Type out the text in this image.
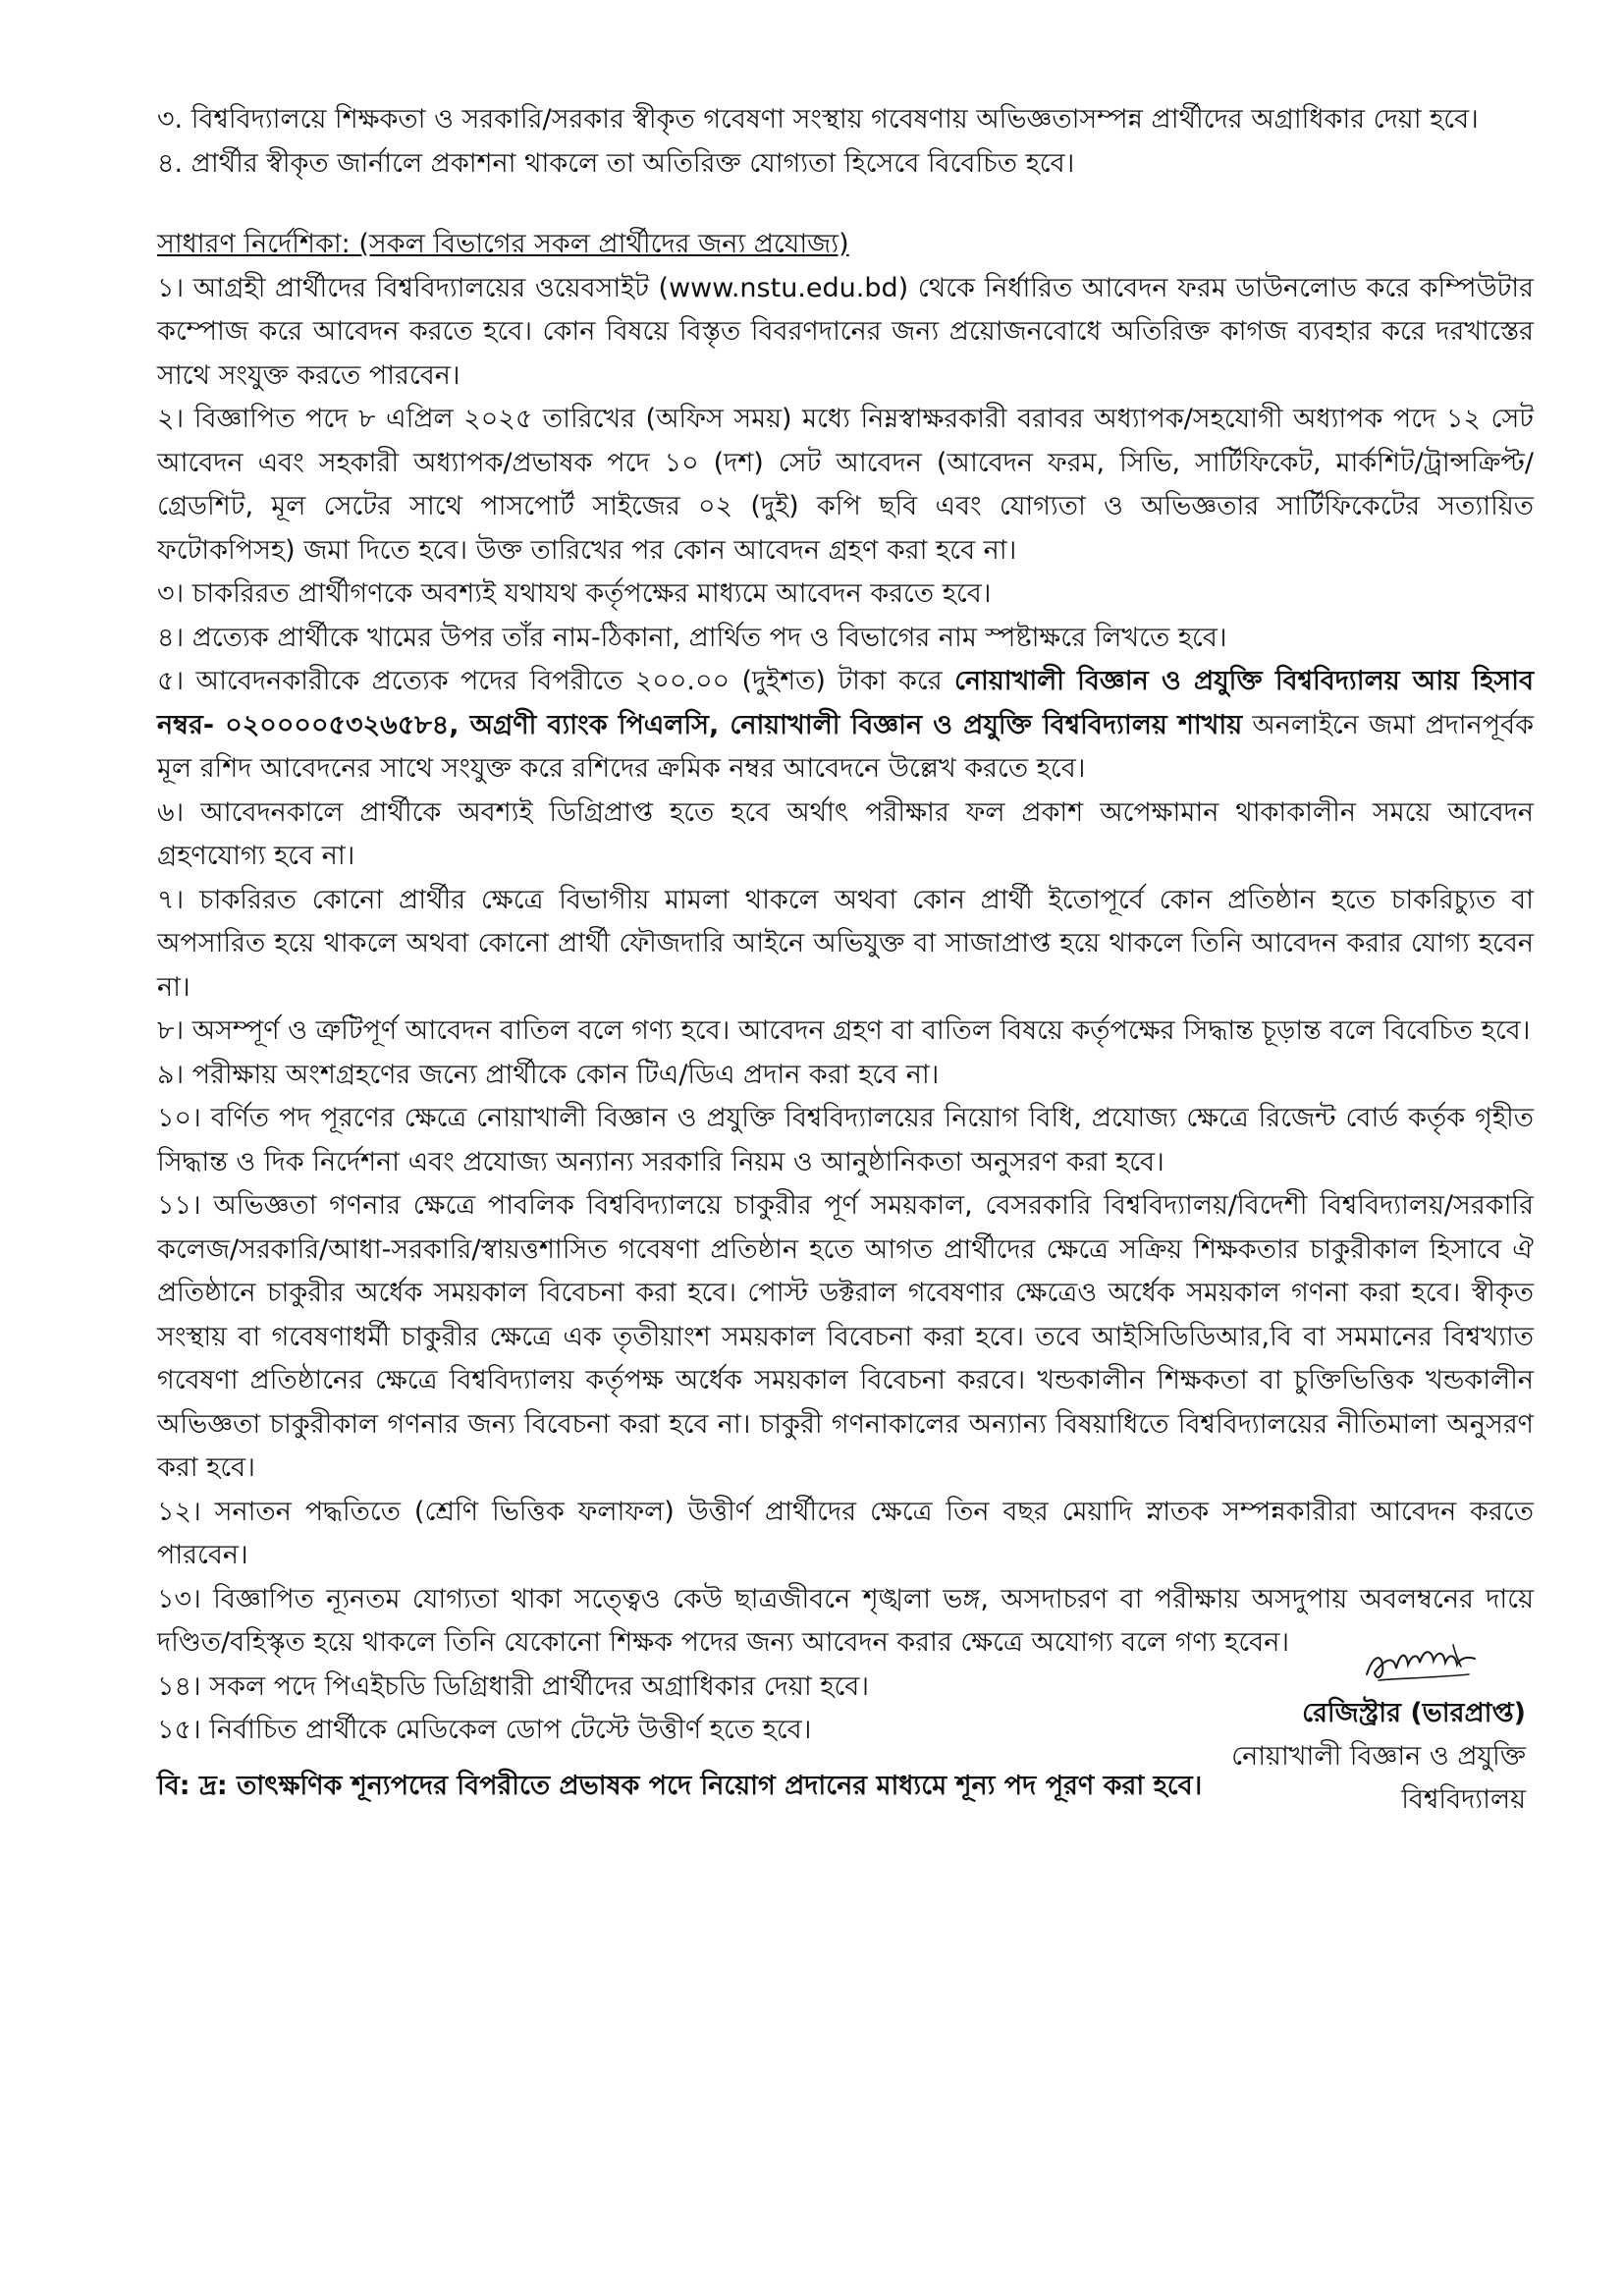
৩. বিশ্ববিদ্যালয়ে শিক্ষকতা ও সরকারি/সরকার স্বীকৃত গবেষণা সংস্থায় গবেষণায় অভিজ্ঞতাসম্পন্ন প্রার্থীদের অগ্রাধিকার দেয়া হবে।

৪. প্রার্থীর স্বীকৃত জার্নালে প্রকাশনা থাকলে তা অতিরিক্ত যোগ্যতা হিসেবে বিবেচিত হবে।

সাধারণ নির্দেশিকা: (সকল বিভাগের সকল প্রার্থীদের জন্য প্রযোজ্য)

১। আগ্রহী প্রার্থীদের বিশ্ববিদ্যালয়ের ওয়েবসাইট (www.nstu.edu.bd) থেকে নির্ধারিত আবেদন ফরম ডাউনলোড করে কম্পিউটার কম্পোজ করে আবেদন করতে হবে। কোন বিষয়ে বিস্তৃত বিবরণদানের জন্য প্রয়োজনবোধে অতিরিক্ত কাগজ ব্যবহার করে দরখাস্তের সাথে সংযুক্ত করতে পারবেন।

২। বিজ্ঞাপিত পদে ৮ এপ্রিল ২০২৫ তারিখের (অফিস সময়) মধ্যে নিম্নস্বাক্ষরকারী বরাবর অধ্যাপক/সহযোগী অধ্যাপক পদে ১২ সেট আবেদন এবং সহকারী অধ্যাপক/প্রভাষক পদে ১০ (দশ) সেট আবেদন (আবেদন ফরম, সিভি, সার্টিফিকেট, মার্কশিট/ট্রান্সক্রিপ্ট/গ্রেডশিট, মূল সেটের সাথে পাসপোর্ট সাইজের ০২ (দুই) কপি ছবি এবং যোগ্যতা ও অভিজ্ঞতার সার্টিফিকেটের সত্যায়িত ফটোকপিসহ) জমা দিতে হবে। উক্ত তারিখের পর কোন আবেদন গ্রহণ করা হবে না।

৩। চাকরিরত প্রার্থীগণকে অবশ্যই যথাযথ কর্তৃপক্ষের মাধ্যমে আবেদন করতে হবে।

৪। প্রত্যেক প্রার্থীকে খামের উপর তাঁর নাম-ঠিকানা, প্রার্থিত পদ ও বিভাগের নাম স্পষ্টাক্ষরে লিখতে হবে।

৫। আবেদনকারীকে প্রত্যেক পদের বিপরীতে ২০০.০০ (দুইশত) টাকা করে নোয়াখালী বিজ্ঞান ও প্রযুক্তি বিশ্ববিদ্যালয় আয় হিসাব নম্বর- ০২০০০০৫৩২৬৫৮৪, অগ্রণী ব্যাংক পিএলসি, নোয়াখালী বিজ্ঞান ও প্রযুক্তি বিশ্ববিদ্যালয় শাখায় অনলাইনে জমা প্রদানপূর্বক মূল রশিদ আবেদনের সাথে সংযুক্ত করে রশিদের ক্রমিক নম্বর আবেদনে উল্লেখ করতে হবে।

৬। আবেদনকালে প্রার্থীকে অবশ্যই ডিগ্রিপ্রাপ্ত হতে হবে অর্থাৎ পরীক্ষার ফল প্রকাশ অপেক্ষামান থাকাকালীন সময়ে আবেদন গ্রহণযোগ্য হবে না।

৭। চাকরিরত কোনো প্রার্থীর ক্ষেত্রে বিভাগীয় মামলা থাকলে অথবা কোন প্রার্থী ইতোপূর্বে কোন প্রতিষ্ঠান হতে চাকরিচ্যুত বা অপসারিত হয়ে থাকলে অথবা কোনো প্রার্থী ফৌজদারি আইনে অভিযুক্ত বা সাজাপ্রাপ্ত হয়ে থাকলে তিনি আবেদন করার যোগ্য হবেন না।

৮। অসম্পূর্ণ ও ত্রুটিপূর্ণ আবেদন বাতিল বলে গণ্য হবে। আবেদন গ্রহণ বা বাতিল বিষয়ে কর্তৃপক্ষের সিদ্ধান্ত চূড়ান্ত বলে বিবেচিত হবে।

৯। পরীক্ষায় অংশগ্রহণের জন্যে প্রার্থীকে কোন টিএ/ডিএ প্রদান করা হবে না।

১০। বর্ণিত পদ পূরণের ক্ষেত্রে নোয়াখালী বিজ্ঞান ও প্রযুক্তি বিশ্ববিদ্যালয়ের নিয়োগ বিধি, প্রযোজ্য ক্ষেত্রে রিজেন্ট বোর্ড কর্তৃক গৃহীত সিদ্ধান্ত ও দিক নির্দেশনা এবং প্রযোজ্য অন্যান্য সরকারি নিয়ম ও আনুষ্ঠানিকতা অনুসরণ করা হবে।

১১। অভিজ্ঞতা গণনার ক্ষেত্রে পাবলিক বিশ্ববিদ্যালয়ে চাকুরীর পূর্ণ সময়কাল, বেসরকারি বিশ্ববিদ্যালয়/বিদেশী বিশ্ববিদ্যালয়/সরকারি কলেজ/সরকারি/আধা-সরকারি/স্বায়ত্তশাসিত গবেষণা প্রতিষ্ঠান হতে আগত প্রার্থীদের ক্ষেত্রে সক্রিয় শিক্ষকতার চাকুরীকাল হিসাবে ঐ প্রতিষ্ঠানে চাকুরীর অর্ধেক সময়কাল বিবেচনা করা হবে। পোস্ট ডক্টরাল গবেষণার ক্ষেত্রেও অর্ধেক সময়কাল গণনা করা হবে। স্বীকৃত সংস্থায় বা গবেষণাধর্মী চাকুরীর ক্ষেত্রে এক তৃতীয়াংশ সময়কাল বিবেচনা করা হবে। তবে আইসিডিডিআর,বি বা সমমানের বিশ্বখ্যাত গবেষণা প্রতিষ্ঠানের ক্ষেত্রে বিশ্ববিদ্যালয় কর্তৃপক্ষ অর্ধেক সময়কাল বিবেচনা করবে। খন্ডকালীন শিক্ষকতা বা চুক্তিভিত্তিক খন্ডকালীন অভিজ্ঞতা চাকুরীকাল গণনার জন্য বিবেচনা করা হবে না। চাকুরী গণনাকালের অন্যান্য বিষয়াধিতে বিশ্ববিদ্যালয়ের নীতিমালা অনুসরণ করা হবে।

১২। সনাতন পদ্ধতিতে (শ্রেণি ভিত্তিক ফলাফল) উত্তীর্ণ প্রার্থীদের ক্ষেত্রে তিন বছর মেয়াদি স্নাতক সম্পন্নকারীরা আবেদন করতে পারবেন।

১৩। বিজ্ঞাপিত ন্যূনতম যোগ্যতা থাকা সত্ত্বেও কেউ ছাত্রজীবনে শৃঙ্খলা ভঙ্গ, অসদাচরণ বা পরীক্ষায় অসদুপায় অবলম্বনের দায়ে দণ্ডিত/বহিস্কৃত হয়ে থাকলে তিনি যেকোনো শিক্ষক পদের জন্য আবেদন করার ক্ষেত্রে অযোগ্য বলে গণ্য হবেন।

১৪। সকল পদে পিএইচডি ডিগ্রিধারী প্রার্থীদের অগ্রাধিকার দেয়া হবে।

১৫। নির্বাচিত প্রার্থীকে মেডিকেল ডোপ টেস্টে উত্তীর্ণ হতে হবে।

বি: দ্র: তাৎক্ষণিক শূন্যপদের বিপরীতে প্রভাষক পদে নিয়োগ প্রদানের মাধ্যমে শূন্য পদ পূরণ করা হবে।

রেজিস্ট্রার (ভারপ্রাপ্ত)

নোয়াখালী বিজ্ঞান ও প্রযুক্তি বিশ্ববিদ্যালয়
